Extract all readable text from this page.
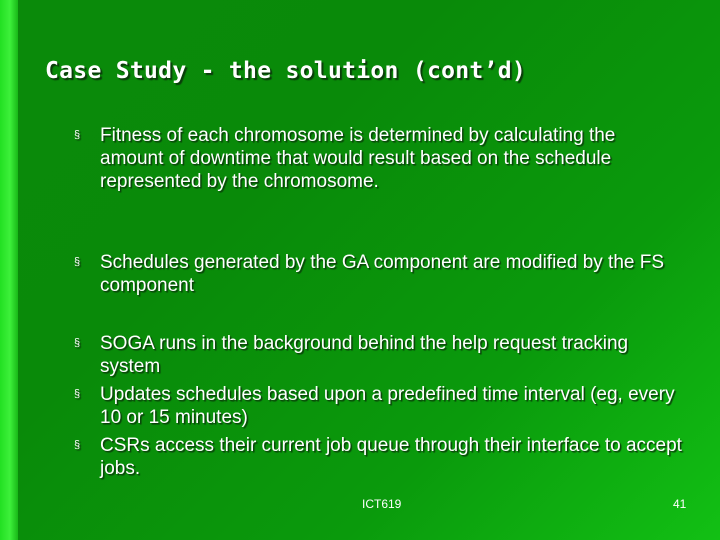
Case Study - the solution (cont’d)
§ Fitness of each chromosome is determined by calculating the amount of downtime that would result based on the schedule represented by the chromosome.
§ Schedules generated by the GA component are modified by the FS component
§ SOGA runs in the background behind the help request tracking system
§ Updates schedules based upon a predefined time interval (eg, every 10 or 15 minutes)
§ CSRs access their current job queue through their interface to accept jobs.
ICT619	41
